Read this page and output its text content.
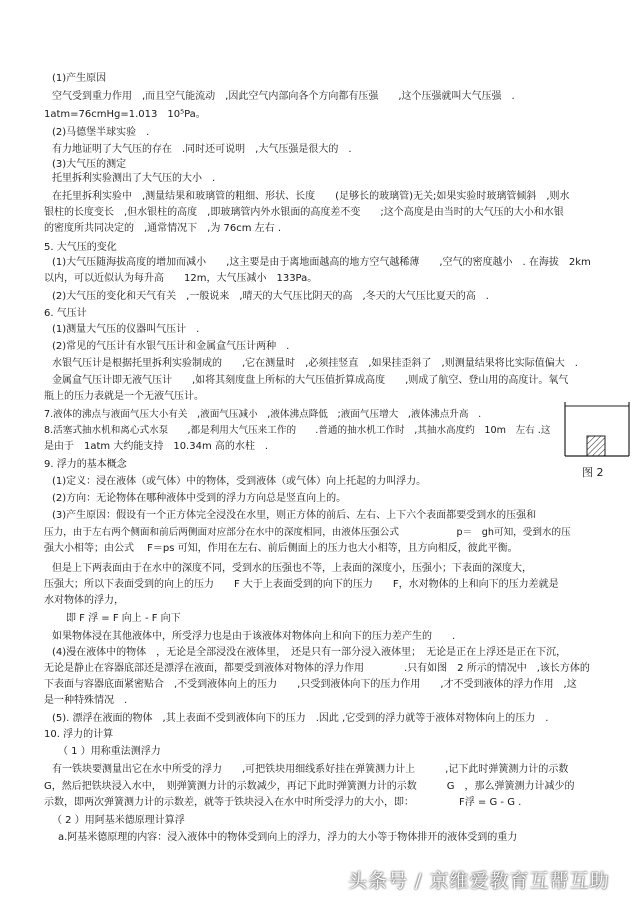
(1)产生原因
空气受到重力作用　,而且空气能流动　,因此空气内部向各个方向都有压强　　,这个压强就叫大气压强　.
1atm=76cmHg=1.013　10⁵Pa。
(2)马德堡半球实验　.
有力地证明了大气压的存在　.同时还可说明　,大气压强是很大的　.
(3)大气压的测定
托里拆利实验测出了大气压的大小　.
在托里拆利实验中　,测量结果和玻璃管的粗细、形状、长度　　(足够长的玻璃管)无关;如果实验时玻璃管倾斜　,则水
银柱的长度变长　,但水银柱的高度　,即玻璃管内外水银面的高度差不变　　;这个高度是由当时的大气压的大小和水银
的密度所共同决定的　,通常情况下　,为 76cm 左右 .
5. 大气压的变化
(1)大气压随海拔高度的增加而减小　　,这主要是由于离地面越高的地方空气越稀薄　　,空气的密度越小　. 在海拔　2km
以内，可以近似认为每升高　　12m，大气压减小　133Pa。
(2)大气压的变化和天气有关　,一般说来　,晴天的大气压比阴天的高　,冬天的大气压比夏天的高　.
6. 气压计
(1)测量大气压的仪器叫气压计　.
(2)常见的气压计有水银气压计和金属盒气压计两种　.
水银气压计是根据托里拆利实验制成的　　,它在测量时　,必须挂竖直　,如果挂歪斜了　,则测量结果将比实际值偏大　.
金属盒气压计即无液气压计　　,如将其刻度盘上所标的大气压值折算成高度　　,则成了航空、登山用的高度计。氧气
瓶上的压力表就是一个无液气压计。
7.液体的沸点与液面气压大小有关　,液面气压减小　,液体沸点降低　;液面气压增大　,液体沸点升高　.
8.活塞式抽水机和离心式水泵　　,都是利用大气压来工作的　　.普通的抽水机工作时　,其抽水高度约　10m　左右 .这
是由于　1atm 大约能支持　10.34m 高的水柱　.
9. 浮力的基本概念
(1)定义：浸在液体（或气体）中的物体，受到液体（或气体）向上托起的力叫浮力。
(2)方向：无论物体在哪种液体中受到的浮力方向总是竖直向上的。
(3)产生原因：假设有一个正方体完全浸没在水里，则正方体的前后、左右、上下六个表面都要受到水的压强和
压力，由于左右两个侧面和前后两侧面对应部分在水中的深度相同，由液体压强公式　　　　　　p＝　gh可知，受到水的压
强大小相等；由公式　 F＝ps 可知，作用在左右、前后侧面上的压力也大小相等，且方向相反，彼此平衡。
但是上下两表面由于在水中的深度不同，受到水的压强也不等，上表面的深度小，压强小；下表面的深度大，
压强大；所以下表面受到的向上的压力　　F 大于上表面受到的向下的压力　　F，水对物体的上和向下的压力差就是
水对物体的浮力，
即 F 浮 = F 向上 - F 向下
如果物体浸在其他液体中，所受浮力也是由于该液体对物体向上和向下的压力差产生的　　.
(4)漫在液体中的物体　，无论是全部浸没在液体里，　还是只有一部分浸入液体里；　无论是正在上浮还是正在下沉，
无论是静止在容器底部还是漂浮在液面，都要受到液体对物体的浮力作用　　　　.只有如图　2 所示的情况中　,该长方体的
下表面与容器底面紧密贴合　,不受到液体向上的压力　　,只受到液体向下的压力作用　　,才不受到液体的浮力作用　,这
是一种特殊情况　.
(5). 漂浮在液面的物体　,其上表面不受到液体向下的压力　.因此 ,它受到的浮力就等于液体对物体向上的压力　.
10. 浮力的计算
（ 1 ）用称重法测浮力
有一铁块要测量出它在水中所受的浮力　　,可把铁块用细线系好挂在弹簧测力计上　　　,记下此时弹簧测力计的示数
G，然后把铁块浸入水中，　则弹簧测力计的示数减少，再记下此时弹簧测力计的示数　　　G　，那么弹簧测力计减少的
示数，即两次弹簧测力计的示数差，就等于铁块浸入在水中时所受浮力的大小，即：　　　　　F浮 = G - G .
（ 2 ）用阿基米德原理计算浮
a.阿基米德原理的内容：浸入液体中的物体受到向上的浮力，浮力的大小等于物体排开的液体受到的重力
图 2
头条号 / 京维爱教育互帮互助
